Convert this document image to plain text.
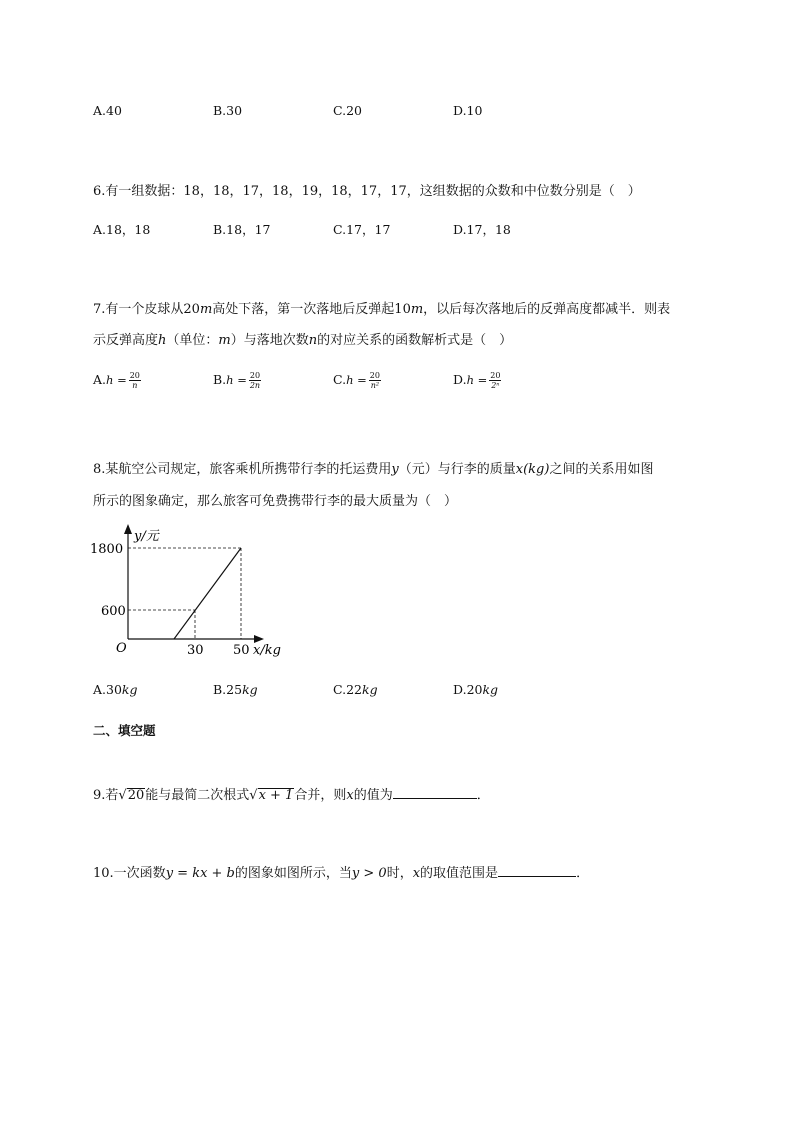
A.40	B.30	C.20	D.10
6.有一组数据：18，18，17，18，19，18，17，17，这组数据的众数和中位数分别是（　）
A.18，18	B.18，17	C.17，17	D.17，18
7.有一个皮球从20m高处下落，第一次落地后反弹起10m，以后每次落地后的反弹高度都减半．则表
示反弹高度h（单位：m）与落地次数n的对应关系的函数解析式是（　）
$A.h = \frac{20}{n}$	$B.h = \frac{20}{2n}$	$C.h = \frac{20}{\text{n²}}$	$D.h = \frac{20}{\text{2ⁿ}}$
8.某航空公司规定，旅客乘机所携带行李的托运费用y（元）与行李的质量x(kg)之间的关系用如图
所示的图象确定，那么旅客可免费携带行李的最大质量为（　）
y/元
1800
600
O	30 50 x/kg
A.30kg	B.25kg	C.22kg	D.20kg
二、填空题
9.若√20能与最简二次根式√x + 1合并，则x的值为	．
10.一次函数y = kx + b的图象如图所示，当y > 0时，x的取值范围是	．
